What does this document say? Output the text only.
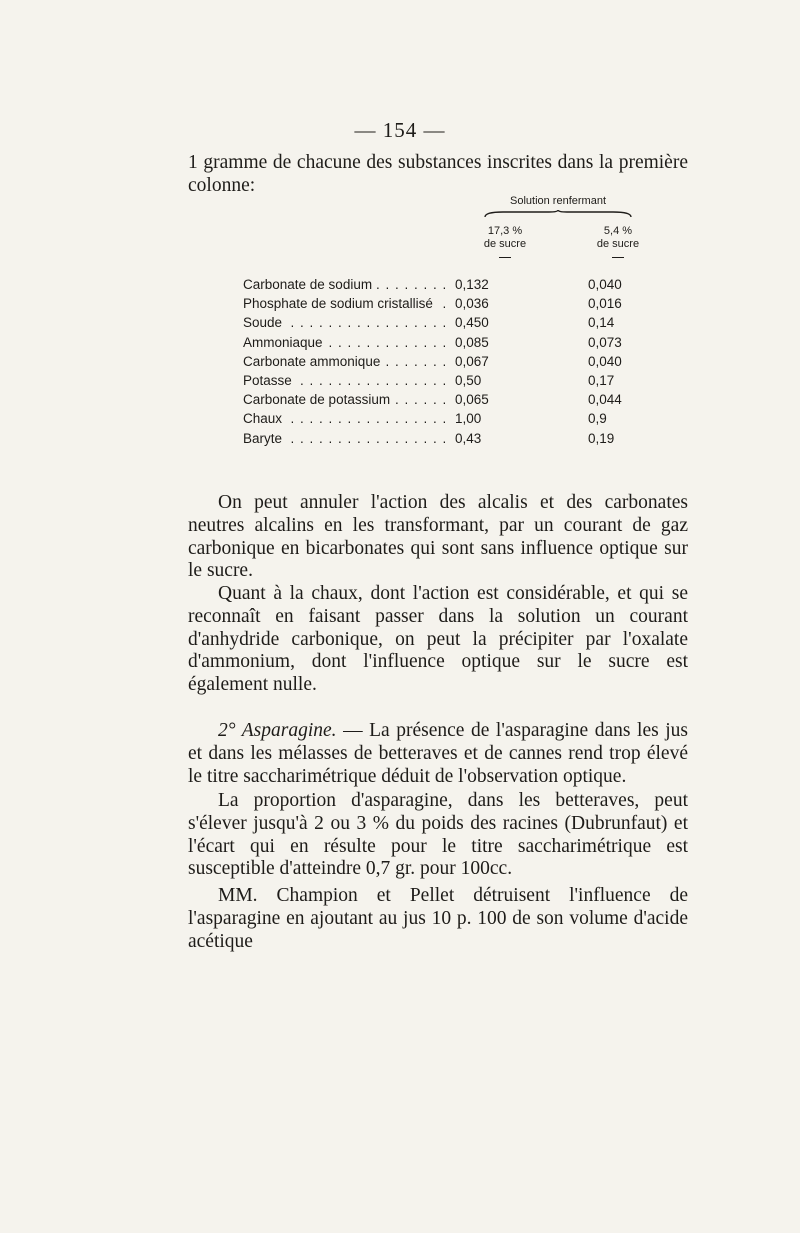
— 154 —
1 gramme de chacune des substances inscrites dans la première colonne:
Solution renfermant
17,3 %
de sucre
5,4 %
de sucre
Carbonate de sodium . . .	0,132	0,040
Phosphate de sodium cristallisé . . .	0,036	0,016
Soude . . .	0,450	0,14
Ammoniaque . . .	0,085	0,073
Carbonate ammonique . . .	0,067	0,040
Potasse . . .	0,50	0,17
Carbonate de potassium . . .	0,065	0,044
Chaux . . .	1,00	0,9
Baryte . . .	0,43	0,19
On peut annuler l'action des alcalis et des carbonates neutres alcalins en les transformant, par un courant de gaz carbonique en bicarbonates qui sont sans influence optique sur le sucre.
Quant à la chaux, dont l'action est considérable, et qui se reconnaît en faisant passer dans la solution un courant d'anhydride carbonique, on peut la précipiter par l'oxalate d'ammonium, dont l'influence optique sur le sucre est également nulle.
2° Asparagine. — La présence de l'asparagine dans les jus et dans les mélasses de betteraves et de cannes rend trop élevé le titre saccharimétrique déduit de l'observation optique.
La proportion d'asparagine, dans les betteraves, peut s'élever jusqu'à 2 ou 3 % du poids des racines (Dubrunfaut) et l'écart qui en résulte pour le titre saccharimétrique est susceptible d'atteindre 0,7 gr. pour 100cc.
MM. Champion et Pellet détruisent l'influence de l'asparagine en ajoutant au jus 10 p. 100 de son volume d'acide acétique
